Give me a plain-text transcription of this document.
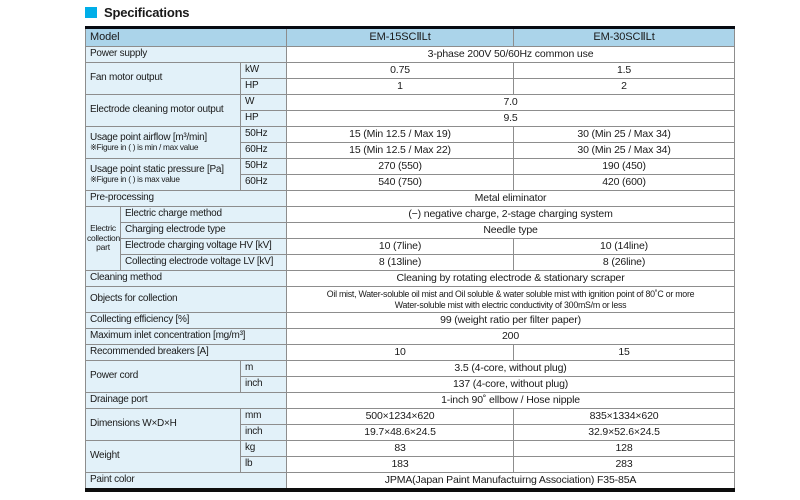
Specifications
Model			EM-15SCⅡLt	EM-30SCⅡLt
Power supply			3-phase 200V 50/60Hz common use	
Fan motor output		kW	0.75	1.5
		HP	1	2
Electrode cleaning motor output		W	7.0	
		HP	9.5	

Usage point airflow [m³/min]
※Figure in ( ) is min / max value		50Hz	15 (Min 12.5 / Max 19)	30 (Min 25 / Max 34)
		60Hz	15 (Min 12.5 / Max 22)	30 (Min 25 / Max 34)

Usage point static pressure [Pa]
※Figure in ( ) is max value		50Hz	270 (550)	190 (450)
		60Hz	540 (750)	420 (600)
Pre-processing			Metal eliminator	
Electric collection part	Electric charge method		(−) negative charge, 2-stage charging system	
	Charging electrode type		Needle type	
	Electrode charging voltage HV [kV]		10 (7line)	10 (14line)
	Collecting electrode voltage LV [kV]		8 (13line)	8 (26line)
Cleaning method			Cleaning by rotating electrode & stationary scraper	
Objects for collection			Oil mist, Water-soluble oil mist and Oil soluble & water soluble mist with ignition point of 80˚C or more
Water-soluble mist with electric conductivity of 300mS/m or less	

Collecting efficiency [%]			99 (weight ratio per filter paper)	
Maximum inlet concentration [mg/m³]			200	
Recommended breakers [A]			10	15
Power cord		m	3.5 (4-core, without plug)	
		inch	137 (4-core, without plug)	
Drainage port			1-inch 90˚ ellbow / Hose nipple	
Dimensions W×D×H		mm	500×1234×620	835×1334×620
		inch	19.7×48.6×24.5	32.9×52.6×24.5
Weight		kg	83	128
		lb	183	283
Paint color			JPMA(Japan Paint Manufactuirng Association) F35-85A	
